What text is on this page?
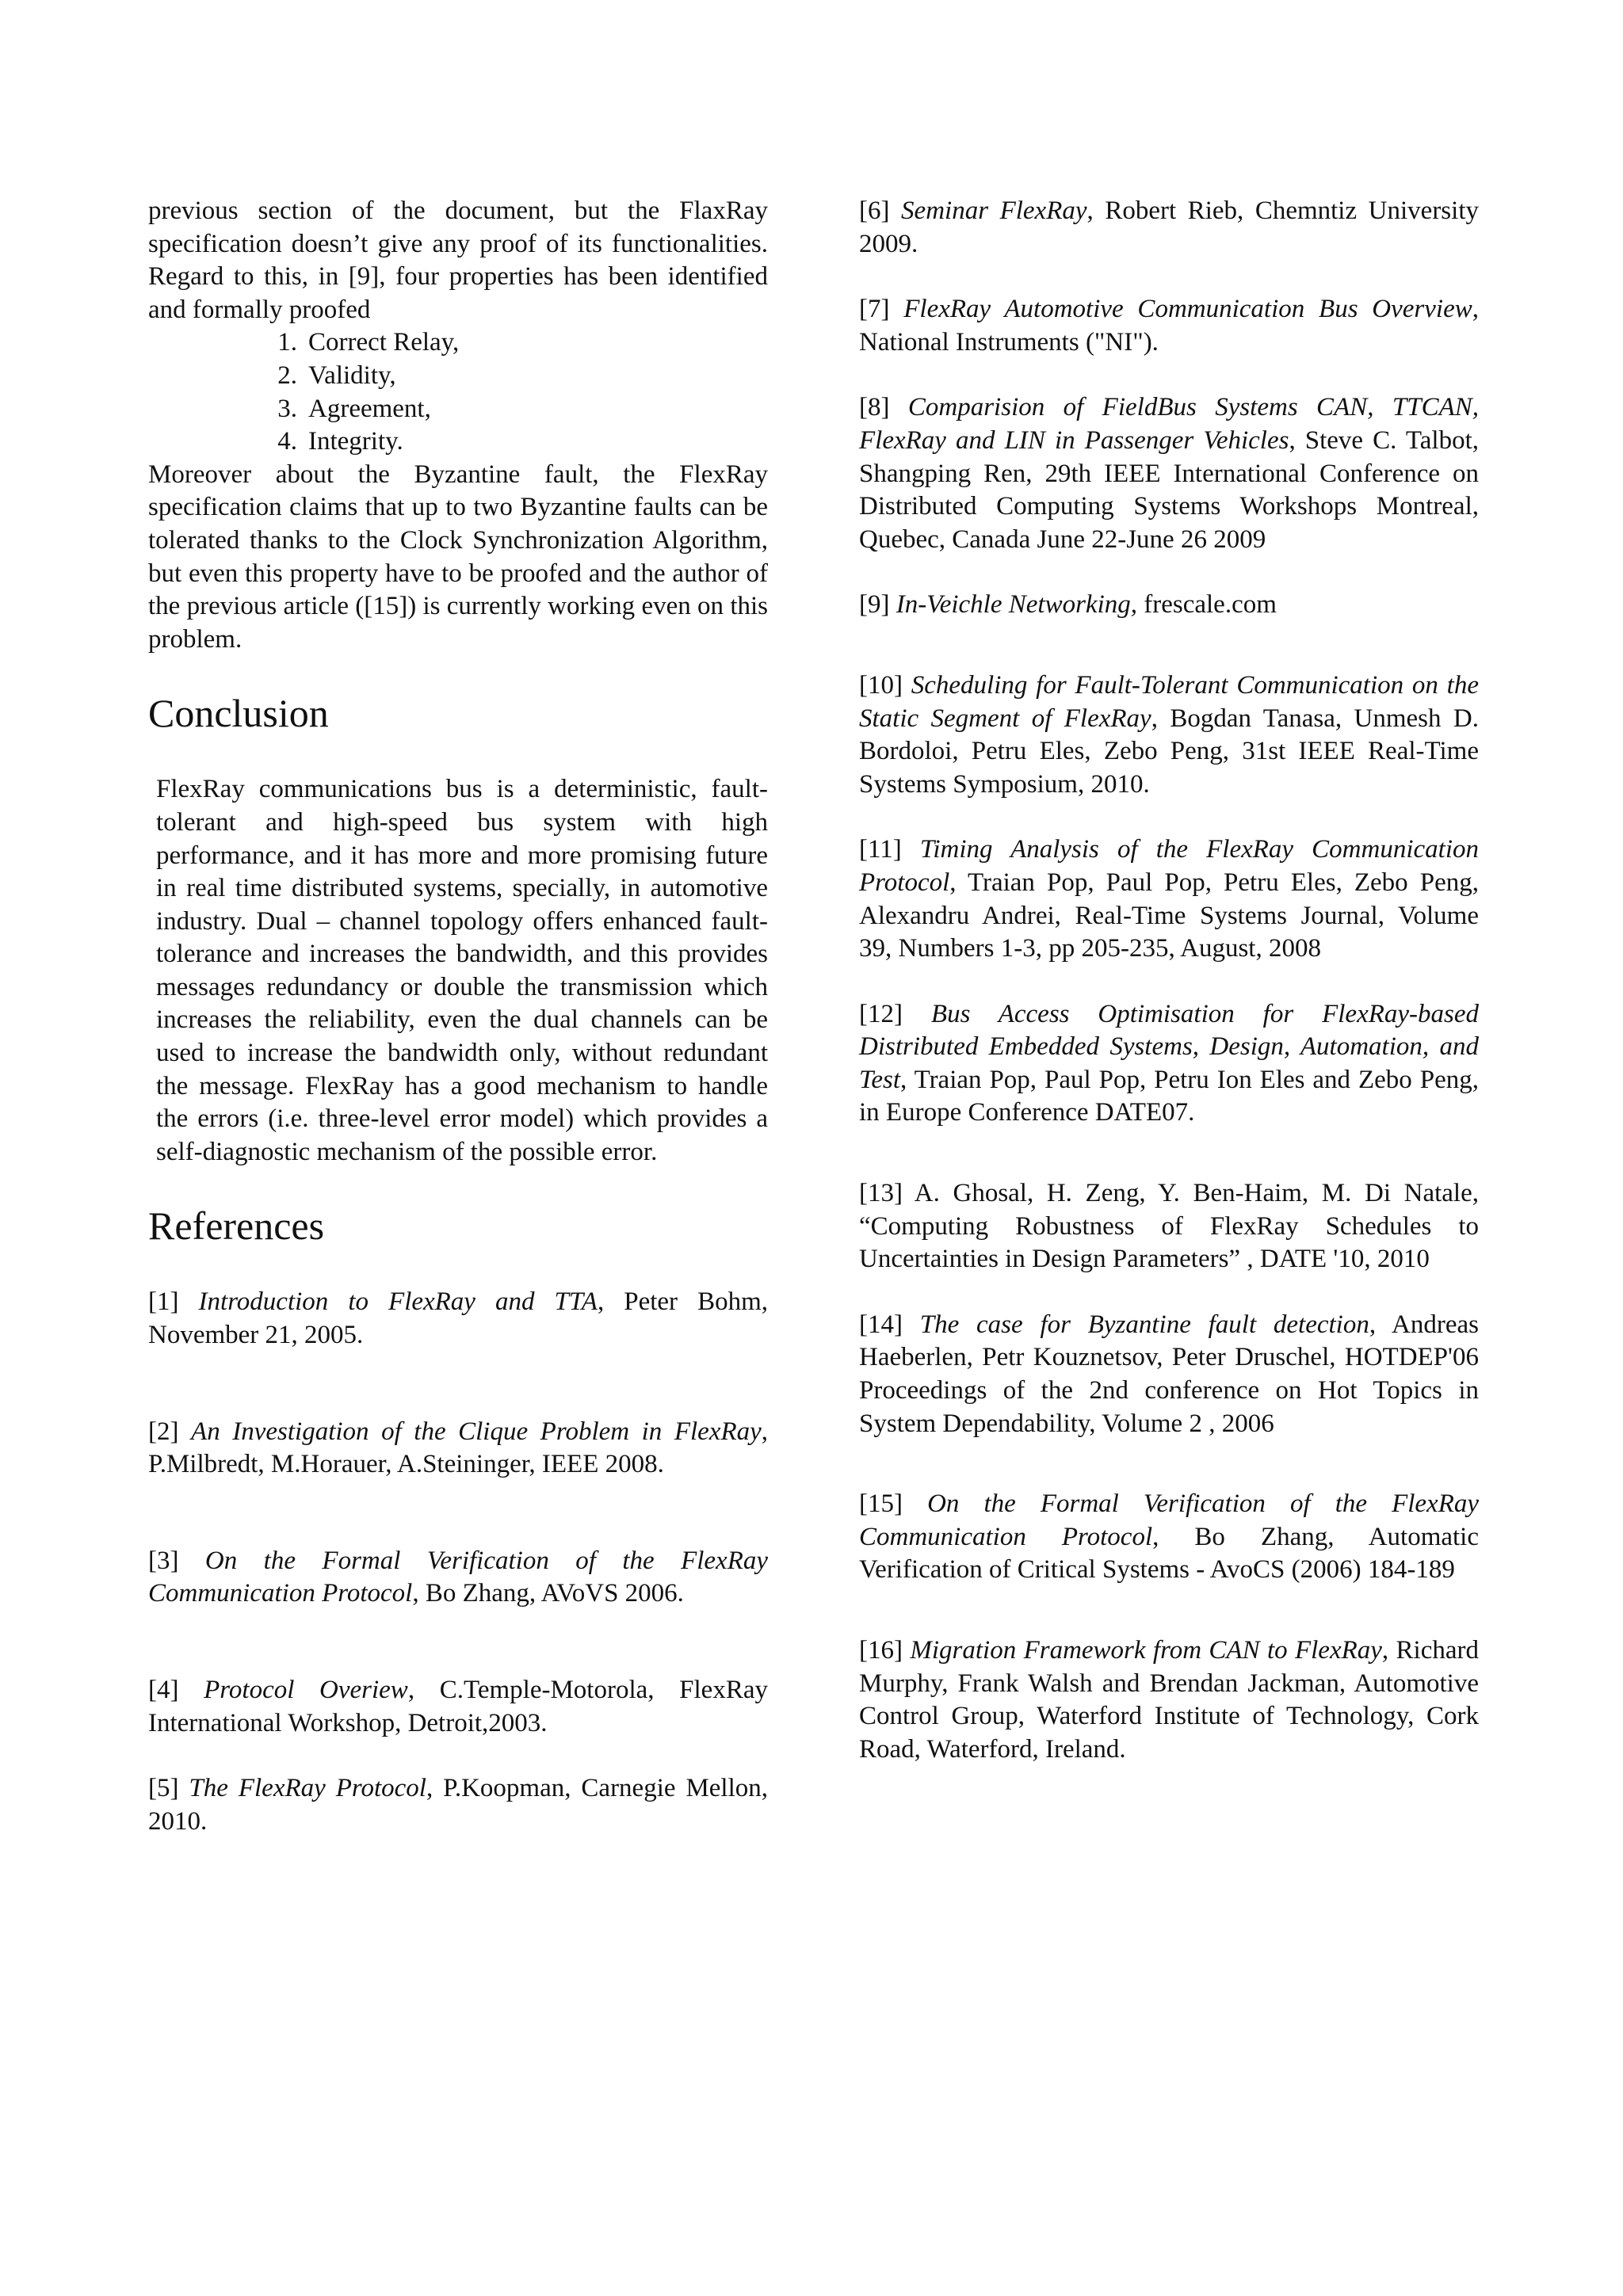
previous section of the document, but the FlaxRay specification doesn’t give any proof of its functionalities. Regard to this, in [9], four properties has been identified and formally proofed

1. Correct Relay,
2. Validity,
3. Agreement,
4. Integrity.

Moreover about the Byzantine fault, the FlexRay specification claims that up to two Byzantine faults can be tolerated thanks to the Clock Synchronization Algorithm, but even this property have to be proofed and the author of the previous article ([15]) is currently working even on this problem.

Conclusion

FlexRay communications bus is a deterministic, fault-tolerant and high-speed bus system with high performance, and it has more and more promising future in real time distributed systems, specially, in automotive industry. Dual – channel topology offers enhanced fault-tolerance and increases the bandwidth, and this provides messages redundancy or double the transmission which increases the reliability, even the dual channels can be used to increase the bandwidth only, without redundant the message. FlexRay has a good mechanism to handle the errors (i.e. three-level error model) which provides a self-diagnostic mechanism of the possible error.

References

[1] Introduction to FlexRay and TTA, Peter Bohm, November 21, 2005.

[2] An Investigation of the Clique Problem in FlexRay, P.Milbredt, M.Horauer, A.Steininger, IEEE 2008.

[3] On the Formal Verification of the FlexRay Communication Protocol, Bo Zhang, AVoVS 2006.

[4] Protocol Overiew, C.Temple-Motorola, FlexRay International Workshop, Detroit,2003.

[5] The FlexRay Protocol, P.Koopman, Carnegie Mellon, 2010.

[6] Seminar FlexRay, Robert Rieb, Chemntiz University 2009.

[7] FlexRay Automotive Communication Bus Overview, National Instruments ("NI").

[8] Comparision of FieldBus Systems CAN, TTCAN, FlexRay and LIN in Passenger Vehicles, Steve C. Talbot, Shangping Ren, 29th IEEE International Conference on Distributed Computing Systems Workshops Montreal, Quebec, Canada June 22-June 26 2009

[9] In-Veichle Networking, frescale.com

[10] Scheduling for Fault-Tolerant Communication on the Static Segment of FlexRay, Bogdan Tanasa, Unmesh D. Bordoloi, Petru Eles, Zebo Peng, 31st IEEE Real-Time Systems Symposium, 2010.

[11] Timing Analysis of the FlexRay Communication Protocol, Traian Pop, Paul Pop, Petru Eles, Zebo Peng, Alexandru Andrei, Real-Time Systems Journal, Volume 39, Numbers 1-3, pp 205-235, August, 2008

[12] Bus Access Optimisation for FlexRay-based Distributed Embedded Systems, Design, Automation, and Test, Traian Pop, Paul Pop, Petru Ion Eles and Zebo Peng, in Europe Conference DATE07.

[13] A. Ghosal, H. Zeng, Y. Ben-Haim, M. Di Natale, “Computing Robustness of FlexRay Schedules to Uncertainties in Design Parameters” , DATE '10, 2010

[14] The case for Byzantine fault detection, Andreas Haeberlen, Petr Kouznetsov, Peter Druschel, HOTDEP'06 Proceedings of the 2nd conference on Hot Topics in System Dependability, Volume 2 , 2006

[15] On the Formal Verification of the FlexRay Communication Protocol, Bo Zhang, Automatic Verification of Critical Systems - AvoCS (2006) 184-189

[16] Migration Framework from CAN to FlexRay, Richard Murphy, Frank Walsh and Brendan Jackman, Automotive Control Group, Waterford Institute of Technology, Cork Road, Waterford, Ireland.
